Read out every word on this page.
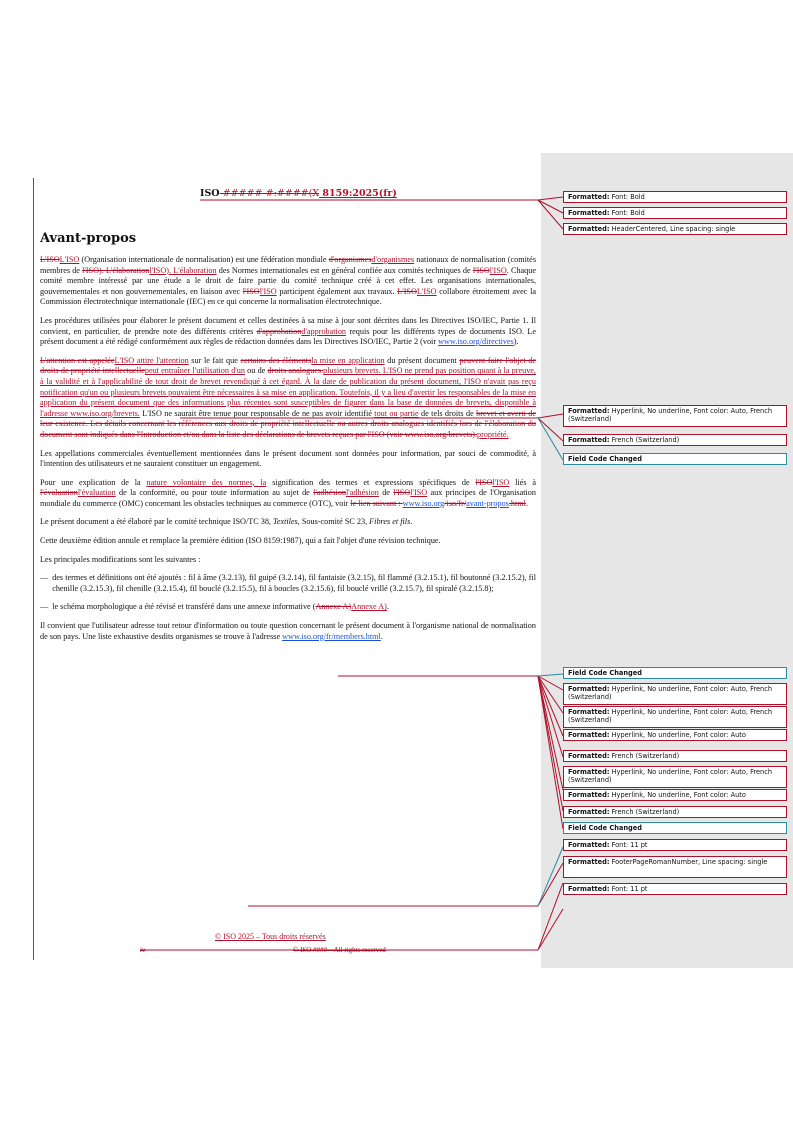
ISO #####-#:####(X 8159:2025(fr)
Avant-propos

L'ISOL'ISO (Organisation internationale de normalisation) est une fédération mondiale d'organismesd'organismes nationaux de normalisation (comités membres de l'ISO). L'élaborationl'ISO). L'élaboration des Normes internationales est en général confiée aux comités techniques de l'ISOl'ISO. Chaque comité membre intéressé par une étude a le droit de faire partie du comité technique créé à cet effet. Les organisations internationales, gouvernementales et non gouvernementales, en liaison avec l'ISOl'ISO participent également aux travaux. L'ISOL'ISO collabore étroitement avec la Commission électrotechnique internationale (IEC) en ce qui concerne la normalisation électrotechnique.

Les procédures utilisées pour élaborer le présent document et celles destinées à sa mise à jour sont décrites dans les Directives ISO/IEC, Partie 1. Il convient, en particulier, de prendre note des différents critères d'approbationd'approbation requis pour les différents types de documents ISO. Le présent document a été rédigé conformément aux règles de rédaction données dans les Directives ISO/IEC, Partie 2 (voir www.iso.org/directives).

L'attention est appeléeL'ISO attire l'attention sur le fait que certains des élémentsla mise en application du présent document peuvent faire l'objet de droits de propriété intellectuellepeut entraîner l'utilisation d'un ou de droits analogues.plusieurs brevets. L'ISO ne prend pas position quant à la preuve, à la validité et à l'applicabilité de tout droit de brevet revendiqué à cet égard. À la date de publication du présent document, l'ISO n'avait pas reçu notification qu'un ou plusieurs brevets pouvaient être nécessaires à sa mise en application. Toutefois, il y a lieu d'avertir les responsables de la mise en application du présent document que des informations plus récentes sont susceptibles de figurer dans la base de données de brevets, disponible à l'adresse www.iso.org/brevets. L'ISO ne saurait être tenue pour responsable de ne pas avoir identifié tout ou partie de tels droits de brevet et averti de leur existence. Les détails concernant les références aux droits de propriété intellectuelle ou autres droits analogues identifiés lors de l'élaboration du document sont indiqués dans l'Introduction et/ou dans la liste des déclarations de brevets reçues par l'ISO (voir www.iso.org/brevets).propriété.

Les appellations commerciales éventuellement mentionnées dans le présent document sont données pour information, par souci de commodité, à l'intention des utilisateurs et ne sauraient constituer un engagement.

Pour une explication de la nature volontaire des normes, la signification des termes et expressions spécifiques de l'ISOl'ISO liés à l'évaluationl'évaluation de la conformité, ou pour toute information au sujet de l'adhésionl'adhésion de l'ISOl'ISO aux principes de l'Organisation mondiale du commerce (OMC) concernant les obstacles techniques au commerce (OTC), voir le lien suivant : www.iso.org/iso/fr/avant-propos.html.

Le présent document a été élaboré par le comité technique ISO/TC 38, Textiles, Sous-comité SC 23, Fibres et fils.

Cette deuxième édition annule et remplace la première édition (ISO 8159:1987), qui a fait l'objet d'une révision technique.

Les principales modifications sont les suivantes :

— des termes et définitions ont été ajoutés : fil à âme (3.2.13), fil guipé (3.2.14), fil fantaisie (3.2.15), fil flammé (3.2.15.1), fil boutonné (3.2.15.2), fil chenille (3.2.15.3), fil chenille (3.2.15.4), fil bouclé (3.2.15.5), fil à boucles (3.2.15.6), fil bouclé vrillé (3.2.15.7), fil spiralé (3.2.15.8);

— le schéma morphologique a été révisé et transféré dans une annexe informative (Annexe A)Annexe A).

Il convient que l'utilisateur adresse tout retour d'information ou toute question concernant le présent document à l'organisme national de normalisation de son pays. Une liste exhaustive desdits organismes se trouve à l'adresse www.iso.org/fr/members.html.

© ISO 2025 – Tous droits réservés
iv	© ISO #### – All rights reserved
Formatted: Font: Bold
Formatted: Font: Bold
Formatted: HeaderCentered, Line spacing: single
Formatted: Hyperlink, No underline, Font color: Auto, French (Switzerland)
Formatted: French (Switzerland)
Field Code Changed
Field Code Changed
Formatted: Hyperlink, No underline, Font color: Auto, French (Switzerland)
Formatted: Hyperlink, No underline, Font color: Auto, French (Switzerland)
Formatted: Hyperlink, No underline, Font color: Auto
Formatted: French (Switzerland)
Formatted: Hyperlink, No underline, Font color: Auto, French (Switzerland)
Formatted: Hyperlink, No underline, Font color: Auto
Formatted: French (Switzerland)
Field Code Changed
Formatted: Font: 11 pt
Formatted: FooterPageRomanNumber, Line spacing: single
Formatted: Font: 11 pt
